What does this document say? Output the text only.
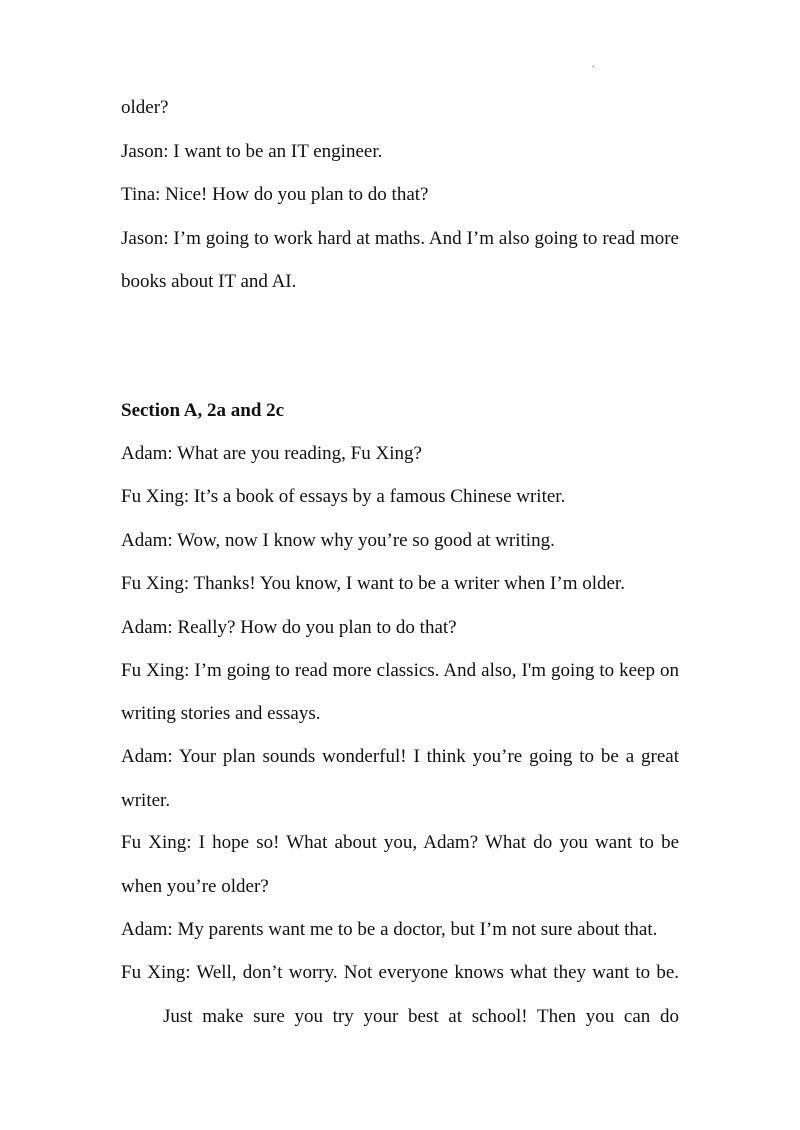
.
older?
Jason: I want to be an IT engineer.
Tina: Nice! How do you plan to do that?
Jason: I’m going to work hard at maths. And I’m also going to read more
books about IT and AI.
Section A, 2a and 2c
Adam: What are you reading, Fu Xing?
Fu Xing: It’s a book of essays by a famous Chinese writer.
Adam: Wow, now I know why you’re so good at writing.
Fu Xing: Thanks! You know, I want to be a writer when I’m older.
Adam: Really? How do you plan to do that?
Fu Xing: I’m going to read more classics. And also, I'm going to keep on
writing stories and essays.
Adam: Your plan sounds wonderful! I think you’re going to be a great
writer.
Fu Xing: I hope so! What about you, Adam? What do you want to be
when you’re older?
Adam: My parents want me to be a doctor, but I’m not sure about that.
Fu Xing: Well, don’t worry. Not everyone knows what they want to be.
Just make sure you try your best at school! Then you can do
